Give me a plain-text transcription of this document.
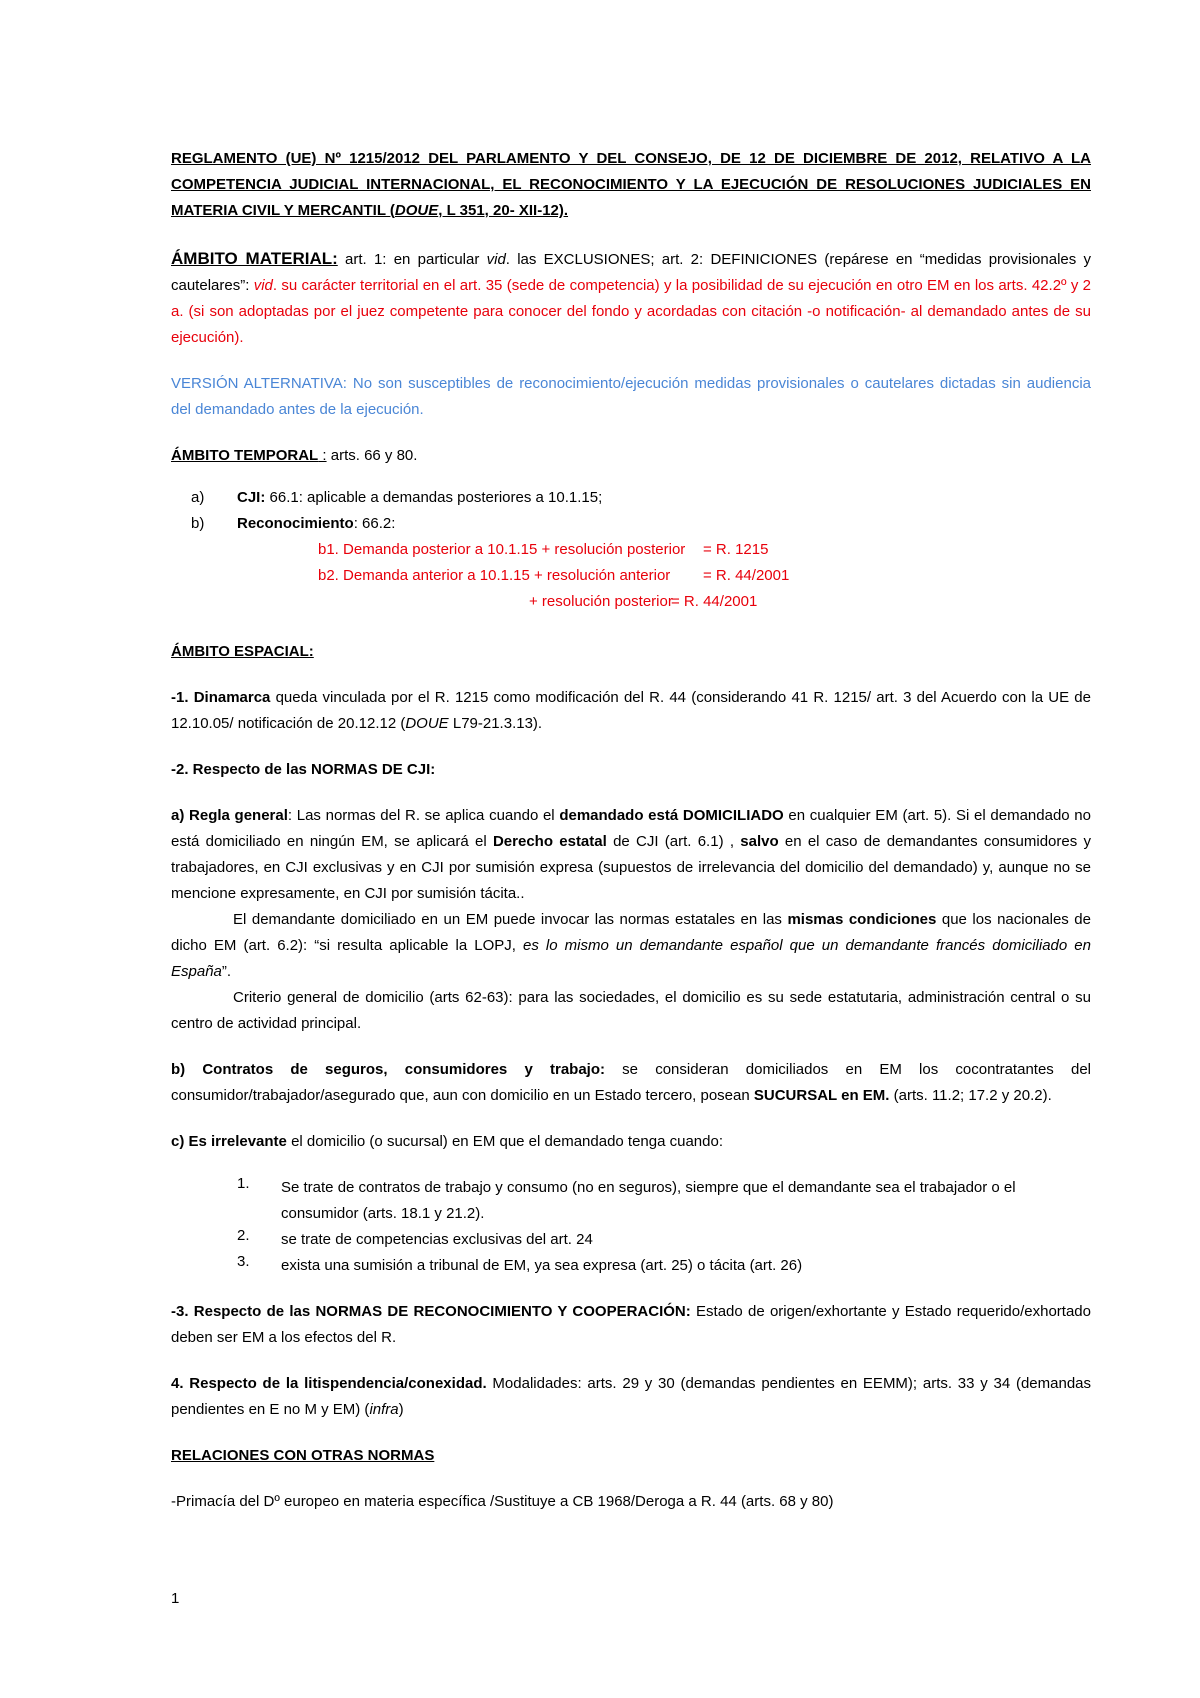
REGLAMENTO (UE) Nº 1215/2012 DEL PARLAMENTO Y DEL CONSEJO, DE 12 DE DICIEMBRE DE 2012, RELATIVO A LA COMPETENCIA JUDICIAL INTERNACIONAL, EL RECONOCIMIENTO Y LA EJECUCIÓN DE RESOLUCIONES JUDICIALES EN MATERIA CIVIL Y MERCANTIL (DOUE, L 351, 20- XII-12).

ÁMBITO MATERIAL: art. 1: en particular vid. las EXCLUSIONES; art. 2: DEFINICIONES (repárese en “medidas provisionales y cautelares”: vid. su carácter territorial en el art. 35 (sede de competencia) y la posibilidad de su ejecución en otro EM en los arts. 42.2º y 2 a. (si son adoptadas por el juez competente para conocer del fondo y acordadas con citación -o notificación- al demandado antes de su ejecución).

VERSIÓN ALTERNATIVA: No son susceptibles de reconocimiento/ejecución medidas provisionales o cautelares dictadas sin audiencia del demandado antes de la ejecución.

ÁMBITO TEMPORAL : arts. 66 y 80.

a) CJI: 66.1: aplicable a demandas posteriores a 10.1.15;
b) Reconocimiento: 66.2:
b1. Demanda posterior a 10.1.15 + resolución posterior = R. 1215
b2. Demanda anterior a 10.1.15 + resolución anterior = R. 44/2001
+ resolución posterior
= R. 44/2001

ÁMBITO ESPACIAL:

-1. Dinamarca queda vinculada por el R. 1215 como modificación del R. 44 (considerando 41 R. 1215/ art. 3 del Acuerdo con la UE de 12.10.05/ notificación de 20.12.12 (DOUE L79-21.3.13).

-2. Respecto de las NORMAS DE CJI:

a) Regla general: Las normas del R. se aplica cuando el demandado está DOMICILIADO en cualquier EM (art. 5). Si el demandado no está domiciliado en ningún EM, se aplicará el Derecho estatal de CJI (art. 6.1) , salvo en el caso de demandantes consumidores y trabajadores, en CJI exclusivas y en CJI por sumisión expresa (supuestos de irrelevancia del domicilio del demandado) y, aunque no se mencione expresamente, en CJI por sumisión tácita..

El demandante domiciliado en un EM puede invocar las normas estatales en las mismas condiciones que los nacionales de dicho EM (art. 6.2): “si resulta aplicable la LOPJ, es lo mismo un demandante español que un demandante francés domiciliado en España”.

Criterio general de domicilio (arts 62-63): para las sociedades, el domicilio es su sede estatutaria, administración central o su centro de actividad principal.

b) Contratos de seguros, consumidores y trabajo: se consideran domiciliados en EM los cocontratantes del consumidor/trabajador/asegurado que, aun con domicilio en un Estado tercero, posean SUCURSAL en EM. (arts. 11.2; 17.2 y 20.2).

c) Es irrelevante el domicilio (o sucursal) en EM que el demandado tenga cuando:

1. Se trate de contratos de trabajo y consumo (no en seguros), siempre que el demandante sea el trabajador o el consumidor (arts. 18.1 y 21.2).

2. se trate de competencias exclusivas del art. 24

3. exista una sumisión a tribunal de EM, ya sea expresa (art. 25) o tácita (art. 26)

-3. Respecto de las NORMAS DE RECONOCIMIENTO Y COOPERACIÓN: Estado de origen/exhortante y Estado requerido/exhortado deben ser EM a los efectos del R.

4. Respecto de la litispendencia/conexidad. Modalidades: arts. 29 y 30 (demandas pendientes en EEMM); arts. 33 y 34 (demandas pendientes en E no M y EM) (infra)

RELACIONES CON OTRAS NORMAS

-Primacía del Dº europeo en materia específica /Sustituye a CB 1968/Deroga a R. 44 (arts. 68 y 80)

1
